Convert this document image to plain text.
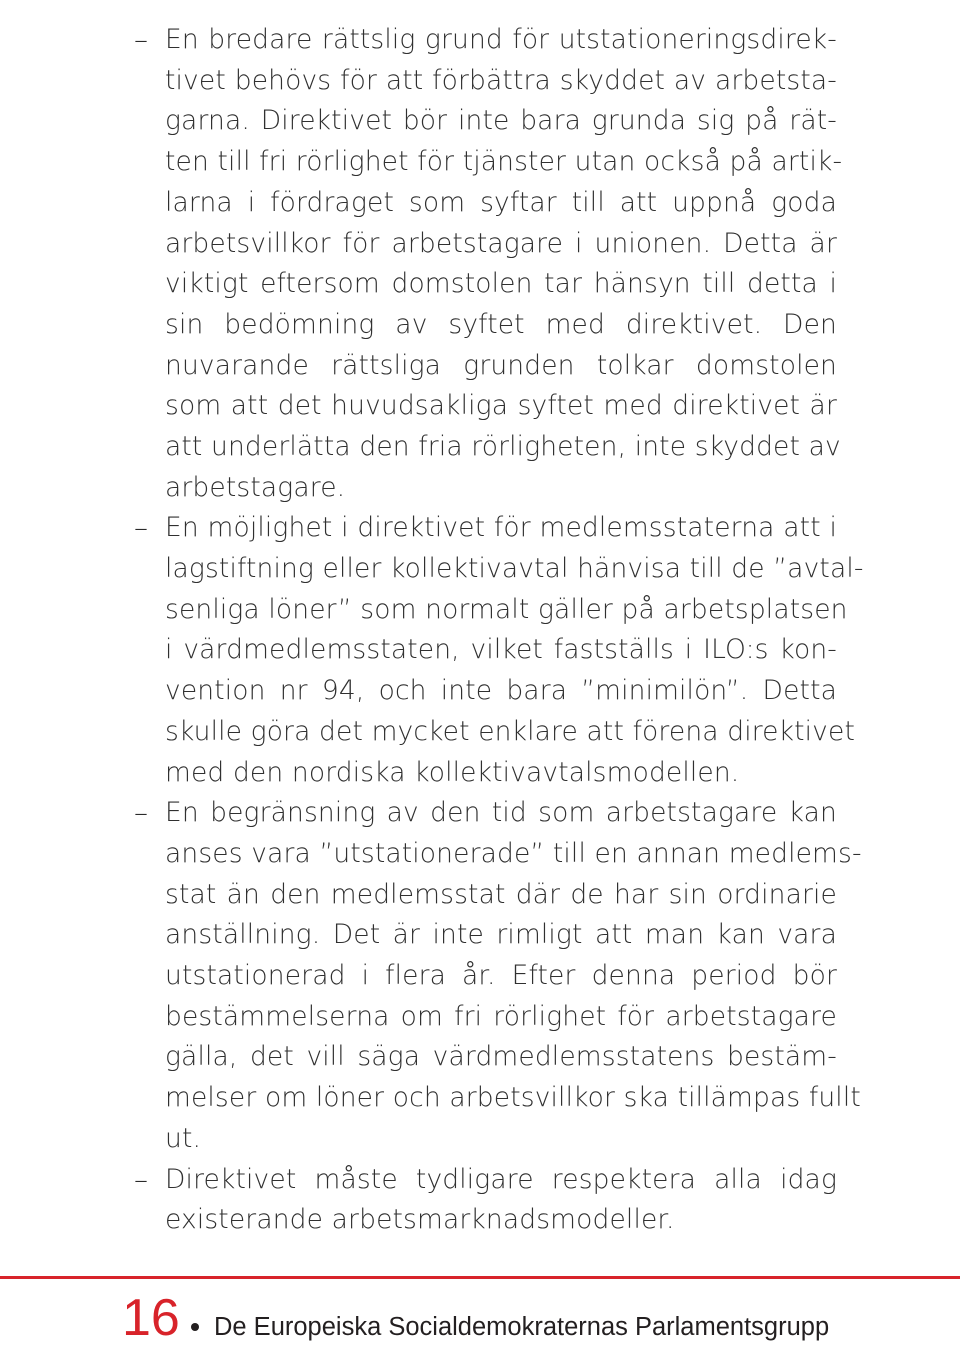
– En bredare rättslig grund för utstationeringsdirek-
tivet behövs för att förbättra skyddet av arbetsta-
garna. Direktivet bör inte bara grunda sig på rät-
ten till fri rörlighet för tjänster utan också på artik-
larna i fördraget som syftar till att uppnå goda
arbetsvillkor för arbetstagare i unionen. Detta är
viktigt eftersom domstolen tar hänsyn till detta i
sin bedömning av syftet med direktivet. Den
nuvarande rättsliga grunden tolkar domstolen
som att det huvudsakliga syftet med direktivet är
att underlätta den fria rörligheten, inte skyddet av
arbetstagare.
– En möjlighet i direktivet för medlemsstaterna att i
lagstiftning eller kollektivavtal hänvisa till de ”avtal-
senliga löner” som normalt gäller på arbetsplatsen
i värdmedlemsstaten, vilket fastställs i ILO:s kon-
vention nr 94, och inte bara ”minimilön”. Detta
skulle göra det mycket enklare att förena direktivet
med den nordiska kollektivavtalsmodellen.
– En begränsning av den tid som arbetstagare kan
anses vara ”utstationerade” till en annan medlems-
stat än den medlemsstat där de har sin ordinarie
anställning. Det är inte rimligt att man kan vara
utstationerad i flera år. Efter denna period bör
bestämmelserna om fri rörlighet för arbetstagare
gälla, det vill säga värdmedlemsstatens bestäm-
melser om löner och arbetsvillkor ska tillämpas fullt
ut.
– Direktivet måste tydligare respektera alla idag
existerande arbetsmarknadsmodeller.
16 De Europeiska Socialdemokraternas Parlamentsgrupp
